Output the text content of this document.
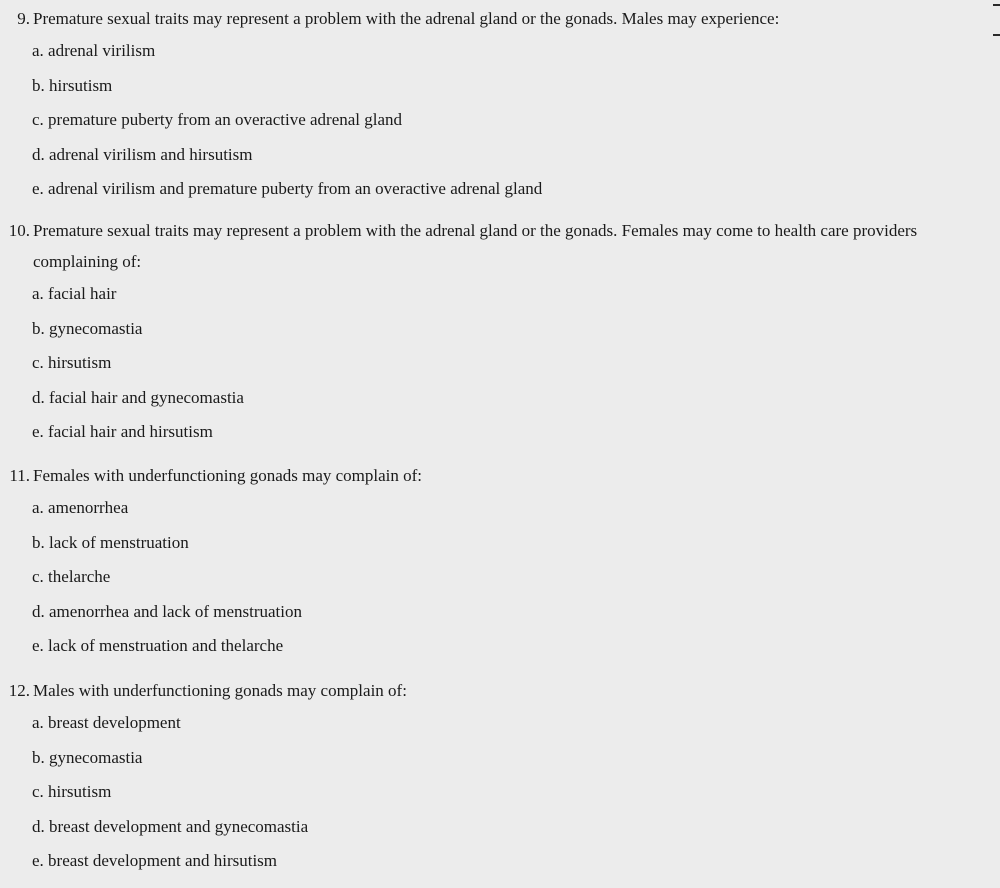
9. Premature sexual traits may represent a problem with the adrenal gland or the gonads. Males may experience:
a. adrenal virilism
b. hirsutism
c. premature puberty from an overactive adrenal gland
d. adrenal virilism and hirsutism
e. adrenal virilism and premature puberty from an overactive adrenal gland
10. Premature sexual traits may represent a problem with the adrenal gland or the gonads. Females may come to health care providers complaining of:
a. facial hair
b. gynecomastia
c. hirsutism
d. facial hair and gynecomastia
e. facial hair and hirsutism
11. Females with underfunctioning gonads may complain of:
a. amenorrhea
b. lack of menstruation
c. thelarche
d. amenorrhea and lack of menstruation
e. lack of menstruation and thelarche
12. Males with underfunctioning gonads may complain of:
a. breast development
b. gynecomastia
c. hirsutism
d. breast development and gynecomastia
e. breast development and hirsutism
